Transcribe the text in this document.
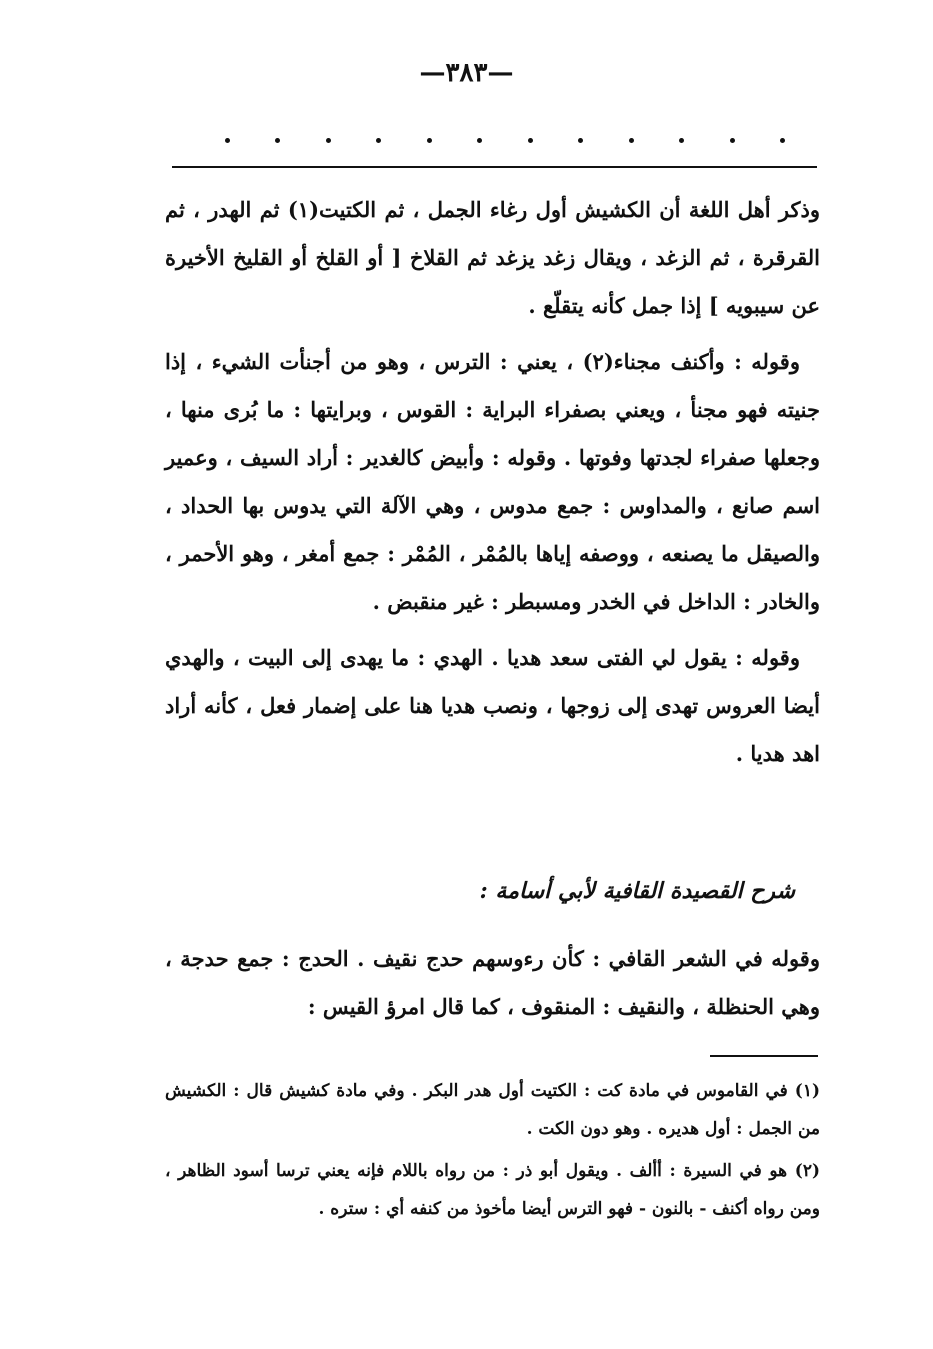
—٣٨٣—

وذكر أهل اللغة أن الكشيش أول رغاء الجمل ، ثم الكتيت(١) ثم الهدر ، ثم القرقرة ، ثم الزغد ، ويقال زغد يزغد ثم القلاخ [ أو القلخ أو القليخ الأخيرة عن سيبويه ] إذا جمل كأنه يتقلّع .

وقوله : وأكنف مجناء(٢) ، يعني : الترس ، وهو من أجنأت الشيء ، إذا جنيته فهو مجنأ ، ويعني بصفراء البراية : القوس ، وبرايتها : ما بُرى منها ، وجعلها صفراء لجدتها وفوتها . وقوله : وأبيض كالغدير : أراد السيف ، وعمير اسم صانع ، والمداوس : جمع مدوس ، وهي الآلة التي يدوس بها الحداد ، والصيقل ما يصنعه ، ووصفه إياها بالمُمْر ، المُمْر : جمع أمغر ، وهو الأحمر ، والخادر : الداخل في الخدر ومسبطر : غير منقبض .

وقوله : يقول لي الفتى سعد هديا . الهدي : ما يهدى إلى البيت ، والهدي أيضا العروس تهدى إلى زوجها ، ونصب هديا هنا على إضمار فعل ، كأنه أراد اهد هديا .

شرح القصيدة القافية لأبي أسامة :
وقوله في الشعر القافي : كأن رءوسهم حدج نقيف . الحدج : جمع حدجة ، وهي الحنظلة ، والنقيف : المنقوف ، كما قال امرؤ القيس :

(١) في القاموس في مادة كت : الكتيت أول هدر البكر . وفي مادة كشيش قال : الكشيش من الجمل : أول هديره . وهو دون الكت .

(٢) هو في السيرة : أألف . ويقول أبو ذر : من رواه باللام فإنه يعني ترسا أسود الظاهر ، ومن رواه أكنف - بالنون - فهو الترس أيضا مأخوذ من كنفه أي : ستره .
